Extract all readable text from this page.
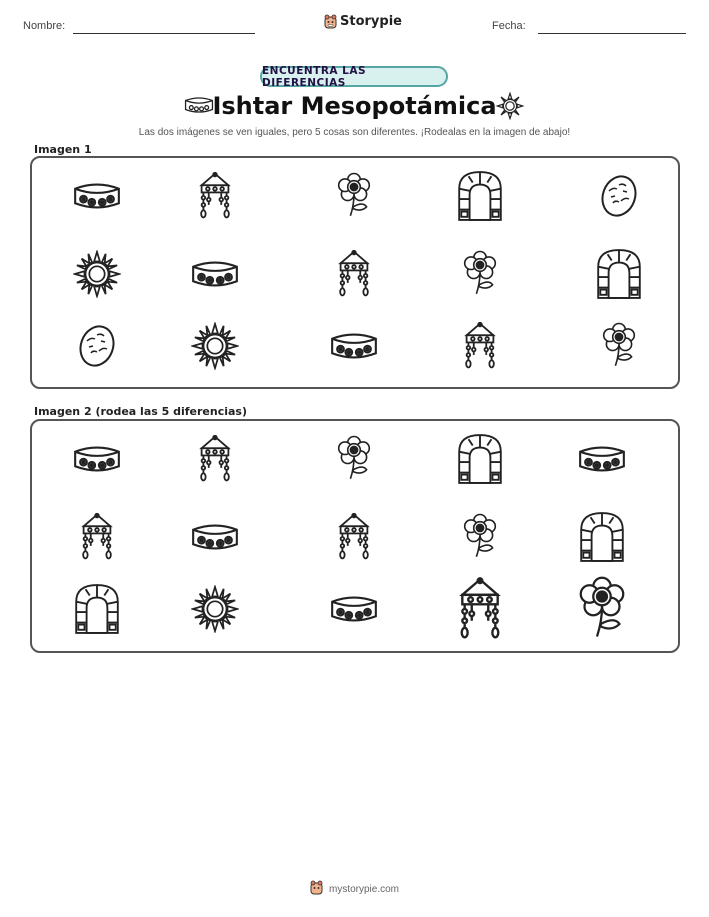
Nombre:	Storypie	Fecha:
ENCUENTRA LAS DIFERENCIAS
Ishtar Mesopotámica
Las dos imágenes se ven iguales, pero 5 cosas son diferentes. ¡Rodealas en la imagen de abajo!
Imagen 1
Imagen 2 (rodea las 5 diferencias)
mystorypie.com
